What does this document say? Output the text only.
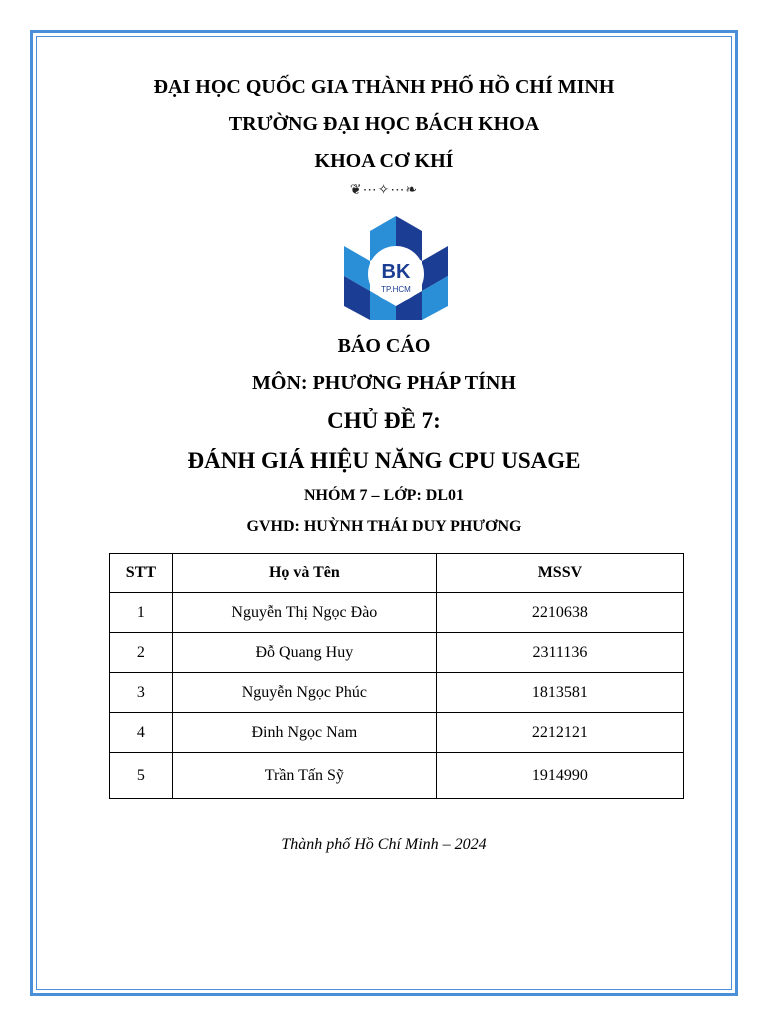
ĐẠI HỌC QUỐC GIA THÀNH PHỐ HỒ CHÍ MINH
TRƯỜNG ĐẠI HỌC BÁCH KHOA
KHOA CƠ KHÍ
❦⋯✧⋯❧
BK
TP.HCM
BÁO CÁO
MÔN: PHƯƠNG PHÁP TÍNH
CHỦ ĐỀ 7:
ĐÁNH GIÁ HIỆU NĂNG CPU USAGE
NHÓM 7 – LỚP: DL01
GVHD: HUỲNH THÁI DUY PHƯƠNG
STT	Họ và Tên	MSSV
1	Nguyễn Thị Ngọc Đào	2210638
2	Đỗ Quang Huy	2311136
3	Nguyễn Ngọc Phúc	1813581
4	Đinh Ngọc Nam	2212121
5	Trần Tấn Sỹ	1914990
Thành phố Hồ Chí Minh – 2024
